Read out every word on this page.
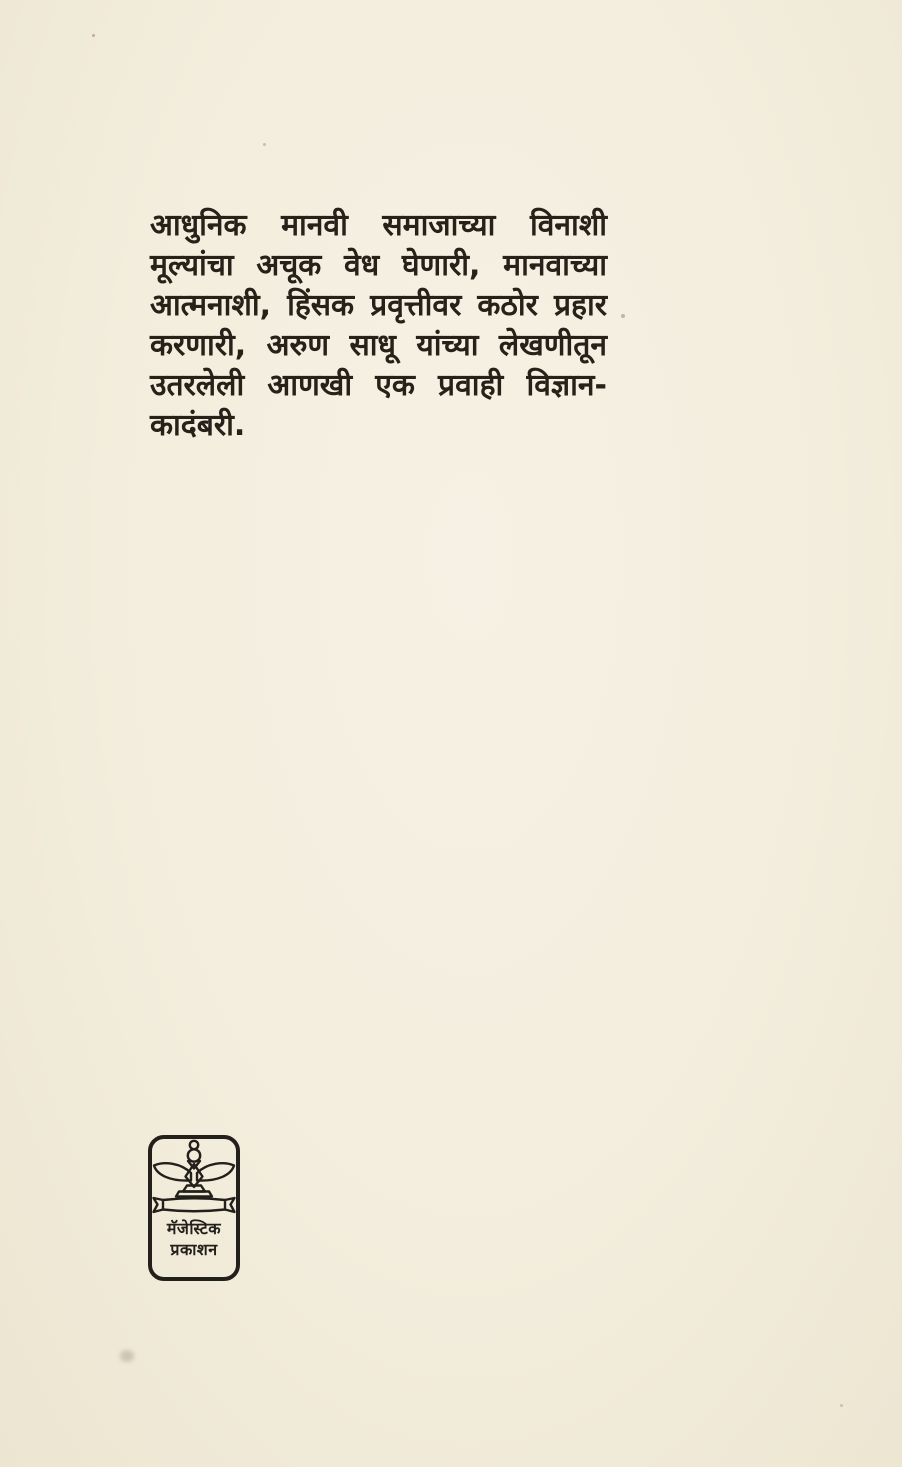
आधुनिक मानवी समाजाच्या विनाशी
मूल्यांचा अचूक वेध घेणारी, मानवाच्या
आत्मनाशी, हिंसक प्रवृत्तीवर कठोर प्रहार
करणारी, अरुण साधू यांच्या लेखणीतून
उतरलेली आणखी एक प्रवाही विज्ञान-
कादंबरी.
मॅजेस्टिक
प्रकाशन
